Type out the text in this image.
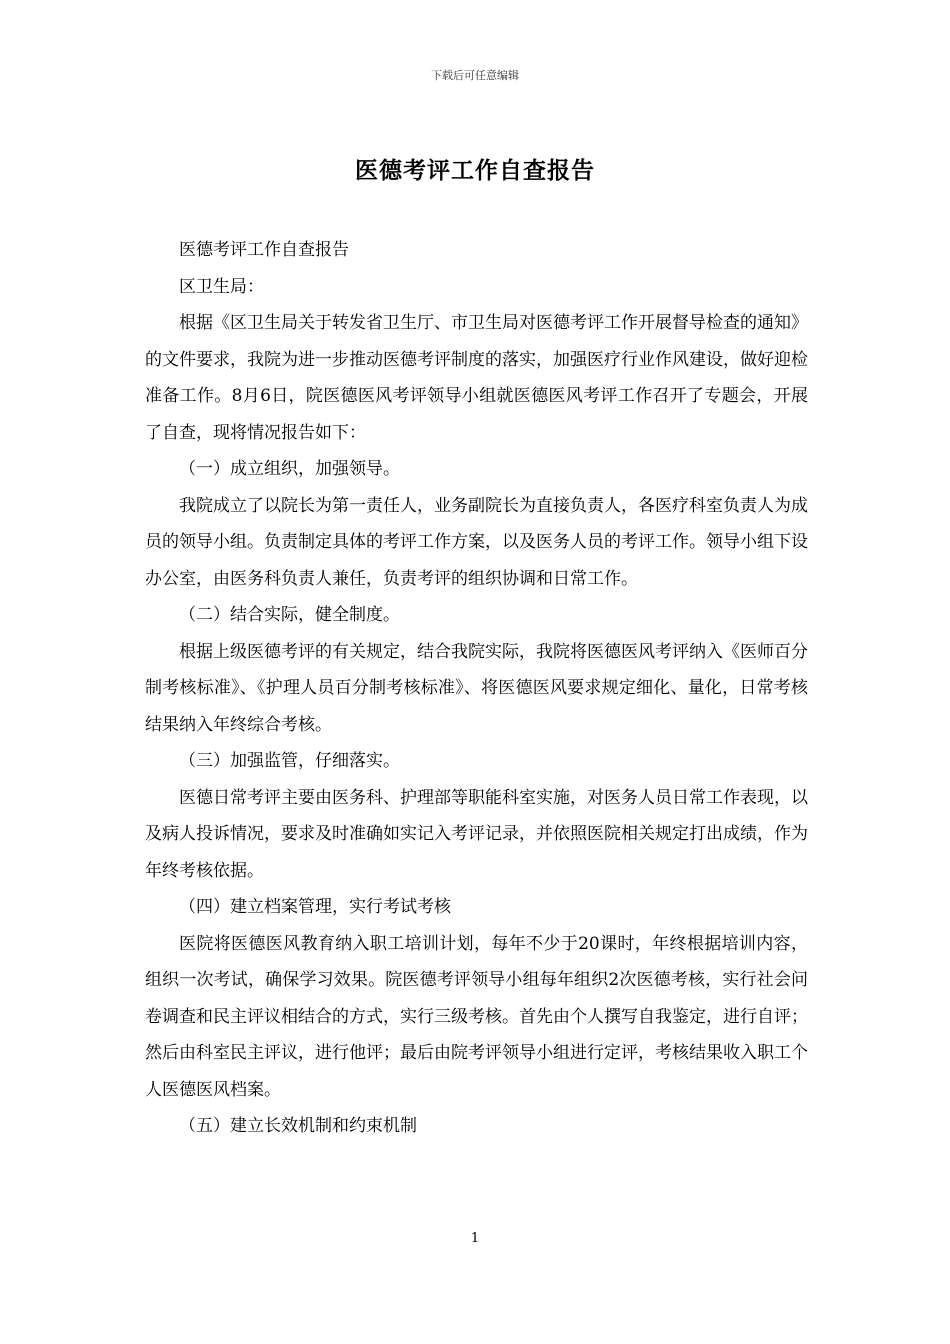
下载后可任意编辑
医德考评工作自查报告

医德考评工作自查报告

区卫生局：

根据《区卫生局关于转发省卫生厅、市卫生局对医德考评工作开展督导检查的通知》的文件要求，我院为进一步推动医德考评制度的落实，加强医疗行业作风建设，做好迎检准备工作。8月6日，院医德医风考评领导小组就医德医风考评工作召开了专题会，开展了自查，现将情况报告如下：

（一）成立组织，加强领导。

我院成立了以院长为第一责任人，业务副院长为直接负责人，各医疗科室负责人为成员的领导小组。负责制定具体的考评工作方案，以及医务人员的考评工作。领导小组下设办公室，由医务科负责人兼任，负责考评的组织协调和日常工作。

（二）结合实际，健全制度。

根据上级医德考评的有关规定，结合我院实际，我院将医德医风考评纳入《医师百分制考核标准》、《护理人员百分制考核标准》、将医德医风要求规定细化、量化，日常考核结果纳入年终综合考核。

（三）加强监管，仔细落实。

医德日常考评主要由医务科、护理部等职能科室实施，对医务人员日常工作表现，以及病人投诉情况，要求及时准确如实记入考评记录，并依照医院相关规定打出成绩，作为年终考核依据。

（四）建立档案管理，实行考试考核

医院将医德医风教育纳入职工培训计划，每年不少于20课时，年终根据培训内容，组织一次考试，确保学习效果。院医德考评领导小组每年组织2次医德考核，实行社会问卷调查和民主评议相结合的方式，实行三级考核。首先由个人撰写自我鉴定，进行自评；然后由科室民主评议，进行他评；最后由院考评领导小组进行定评，考核结果收入职工个人医德医风档案。

（五）建立长效机制和约束机制

1
